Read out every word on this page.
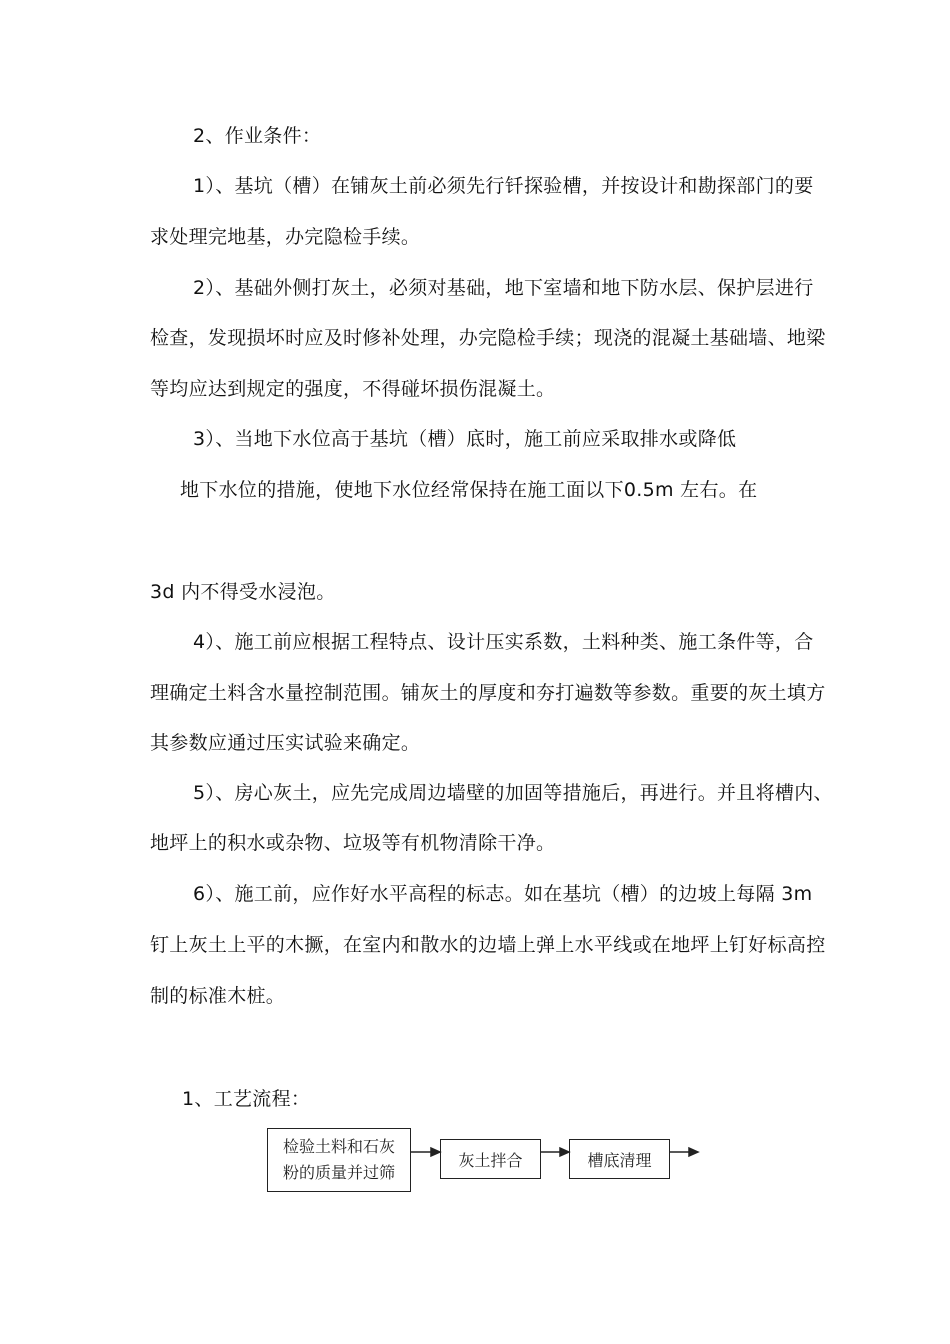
2、作业条件：
1）、基坑（槽）在铺灰土前必须先行钎探验槽，并按设计和勘探部门的要
求处理完地基，办完隐检手续。
2）、基础外侧打灰土，必须对基础，地下室墙和地下防水层、保护层进行
检查，发现损坏时应及时修补处理，办完隐检手续；现浇的混凝土基础墙、地梁
等均应达到规定的强度，不得碰坏损伤混凝土。
3）、当地下水位高于基坑（槽）底时，施工前应采取排水或降低
地下水位的措施，使地下水位经常保持在施工面以下0.5m 左右。在
3d 内不得受水浸泡。
4）、施工前应根据工程特点、设计压实系数，土料种类、施工条件等，合
理确定土料含水量控制范围。铺灰土的厚度和夯打遍数等参数。重要的灰土填方
其参数应通过压实试验来确定。
5）、房心灰土，应先完成周边墙壁的加固等措施后，再进行。并且将槽内、
地坪上的积水或杂物、垃圾等有机物清除干净。
6）、施工前，应作好水平高程的标志。如在基坑（槽）的边坡上每隔 3m
钉上灰土上平的木撅，在室内和散水的边墙上弹上水平线或在地坪上钉好标高控
制的标准木桩。
1、工艺流程：
检验土料和石灰
粉的质量并过筛
灰土拌合	槽底清理
